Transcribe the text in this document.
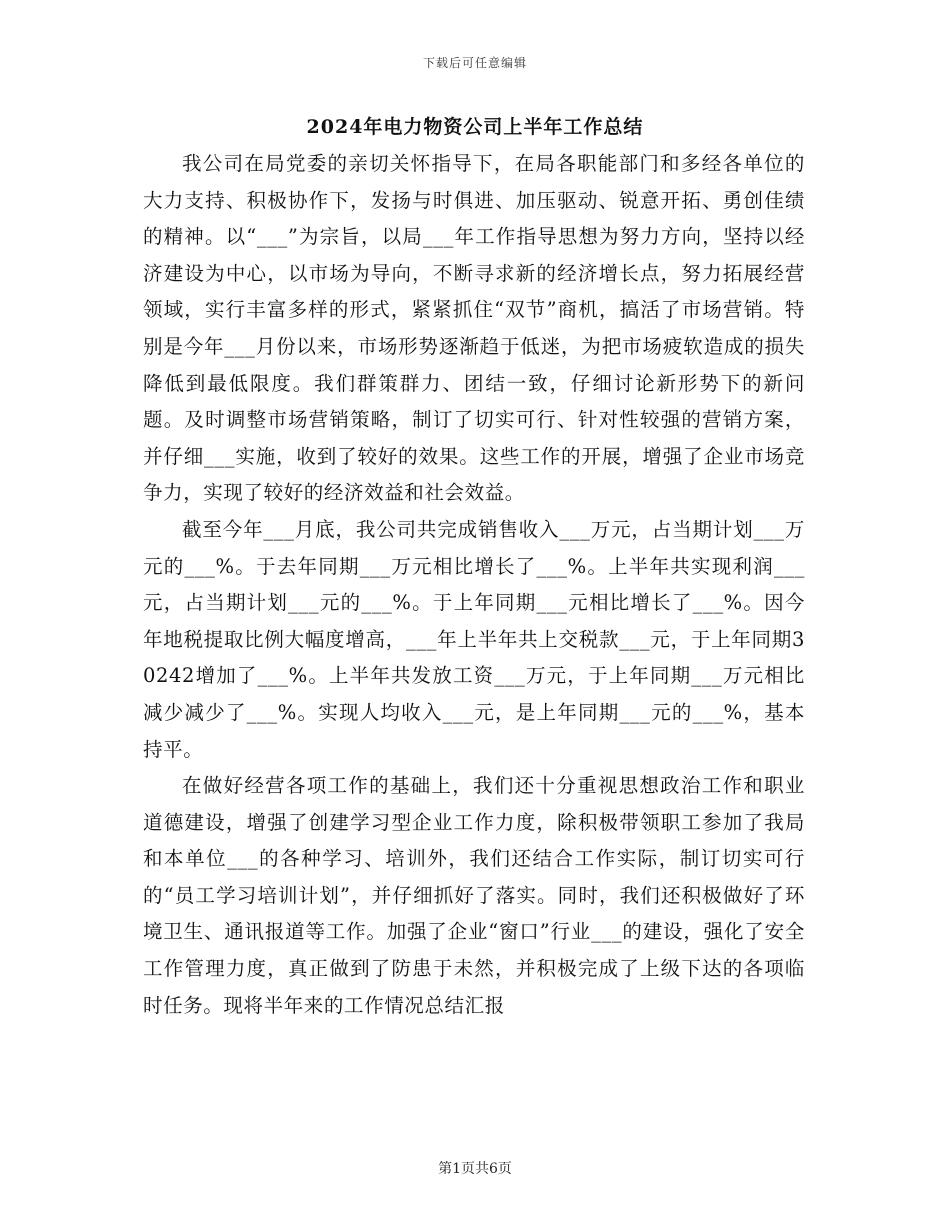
下载后可任意编辑
2024年电力物资公司上半年工作总结

我公司在局党委的亲切关怀指导下，在局各职能部门和多经各单位的大力支持、积极协作下，发扬与时俱进、加压驱动、锐意开拓、勇创佳绩的精神。以“___”为宗旨，以局___年工作指导思想为努力方向，坚持以经济建设为中心，以市场为导向，不断寻求新的经济增长点，努力拓展经营领域，实行丰富多样的形式，紧紧抓住“双节”商机，搞活了市场营销。特别是今年___月份以来，市场形势逐渐趋于低迷，为把市场疲软造成的损失降低到最低限度。我们群策群力、团结一致，仔细讨论新形势下的新问题。及时调整市场营销策略，制订了切实可行、针对性较强的营销方案，并仔细___实施，收到了较好的效果。这些工作的开展，增强了企业市场竞争力，实现了较好的经济效益和社会效益。

截至今年___月底，我公司共完成销售收入___万元，占当期计划___万元的___%。于去年同期___万元相比增长了___%。上半年共实现利润___元，占当期计划___元的___%。于上年同期___元相比增长了___%。因今年地税提取比例大幅度增高，___年上半年共上交税款___元，于上年同期30242增加了___%。上半年共发放工资___万元，于上年同期___万元相比减少减少了___%。实现人均收入___元，是上年同期___元的___%，基本持平。

在做好经营各项工作的基础上，我们还十分重视思想政治工作和职业道德建设，增强了创建学习型企业工作力度，除积极带领职工参加了我局和本单位___的各种学习、培训外，我们还结合工作实际，制订切实可行的“员工学习培训计划”，并仔细抓好了落实。同时，我们还积极做好了环境卫生、通讯报道等工作。加强了企业“窗口”行业___的建设，强化了安全工作管理力度，真正做到了防患于未然，并积极完成了上级下达的各项临时任务。现将半年来的工作情况总结汇报

第1页共6页
